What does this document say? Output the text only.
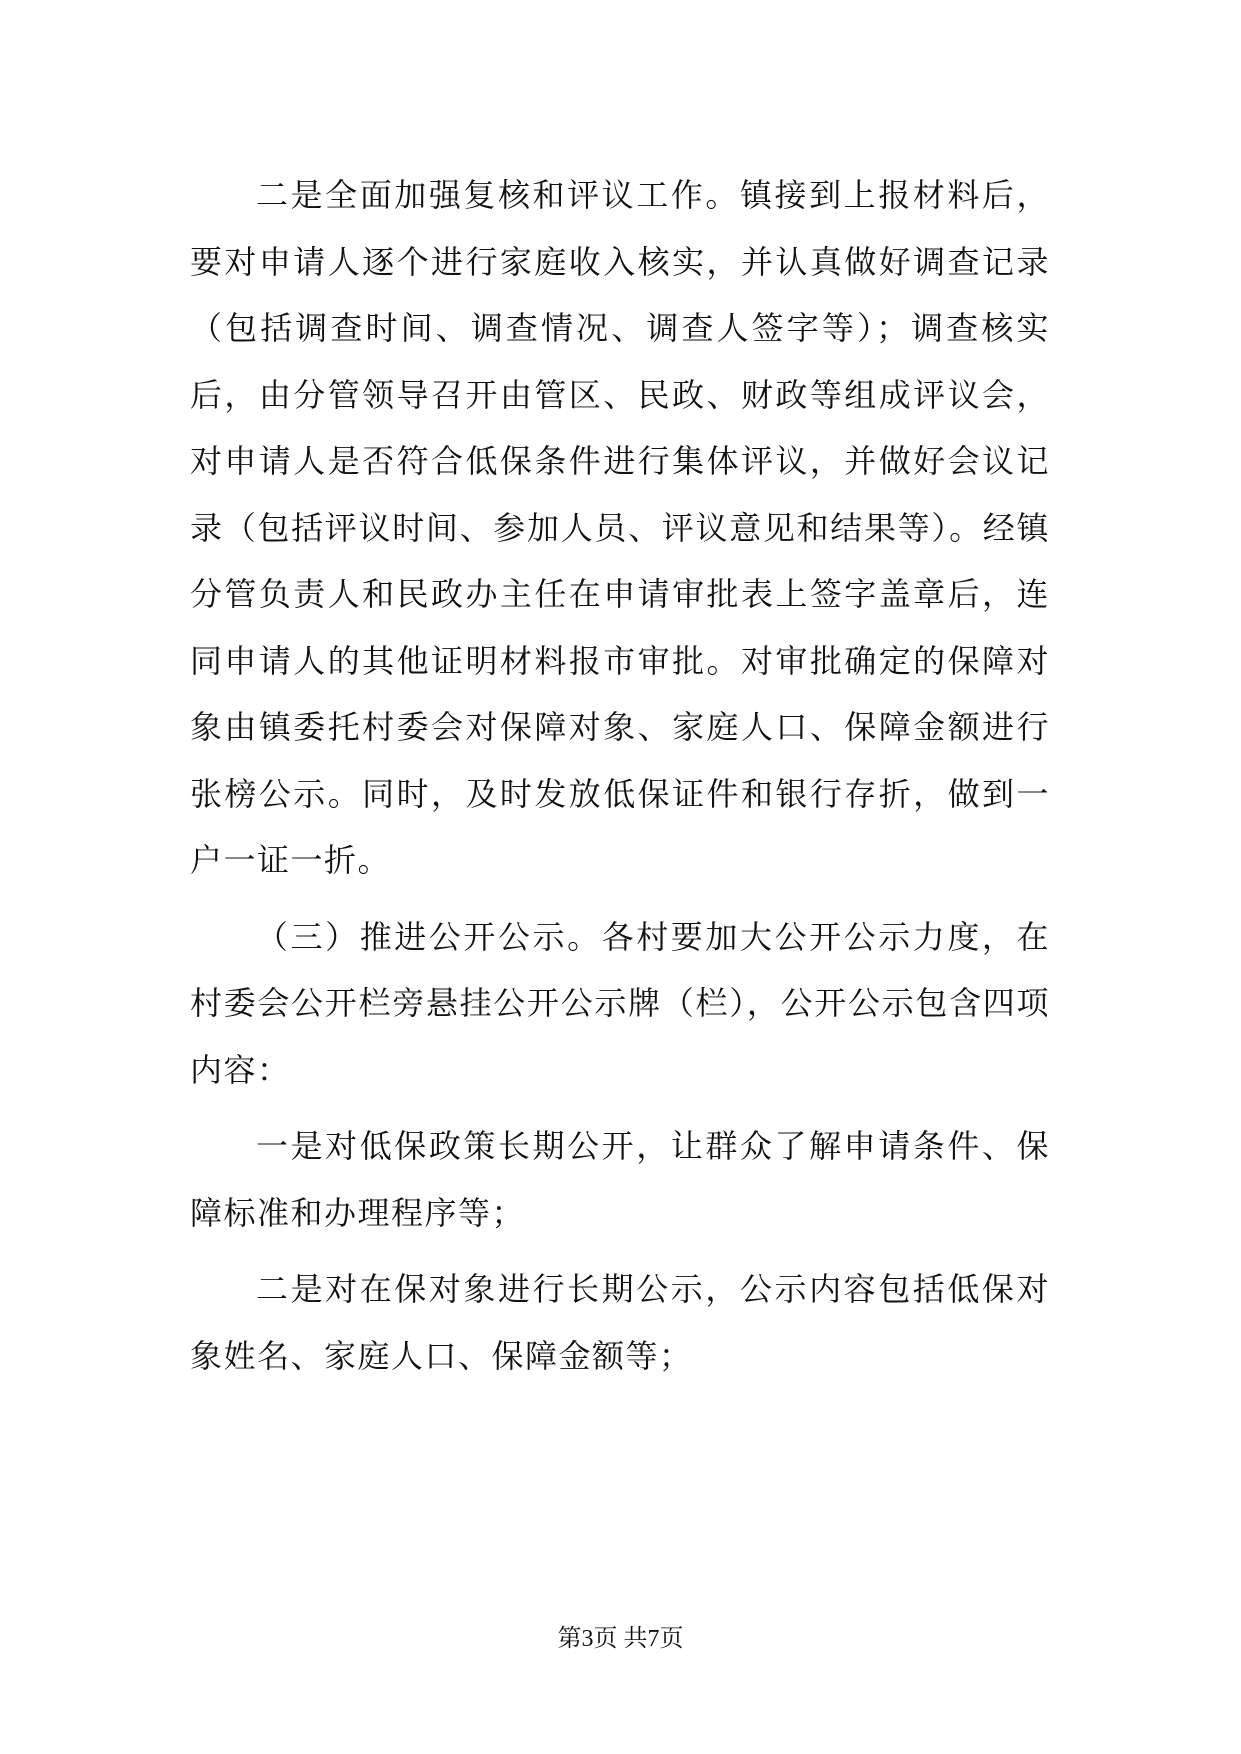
二是全面加强复核和评议工作。镇接到上报材料后，要对申请人逐个进行家庭收入核实，并认真做好调查记录（包括调查时间、调查情况、调查人签字等）；调查核实后，由分管领导召开由管区、民政、财政等组成评议会，对申请人是否符合低保条件进行集体评议，并做好会议记录（包括评议时间、参加人员、评议意见和结果等）。经镇分管负责人和民政办主任在申请审批表上签字盖章后，连同申请人的其他证明材料报市审批。对审批确定的保障对象由镇委托村委会对保障对象、家庭人口、保障金额进行张榜公示。同时，及时发放低保证件和银行存折，做到一户一证一折。

（三）推进公开公示。各村要加大公开公示力度，在村委会公开栏旁悬挂公开公示牌（栏），公开公示包含四项内容：

一是对低保政策长期公开，让群众了解申请条件、保障标准和办理程序等；

二是对在保对象进行长期公示，公示内容包括低保对象姓名、家庭人口、保障金额等；

第3页 共7页
